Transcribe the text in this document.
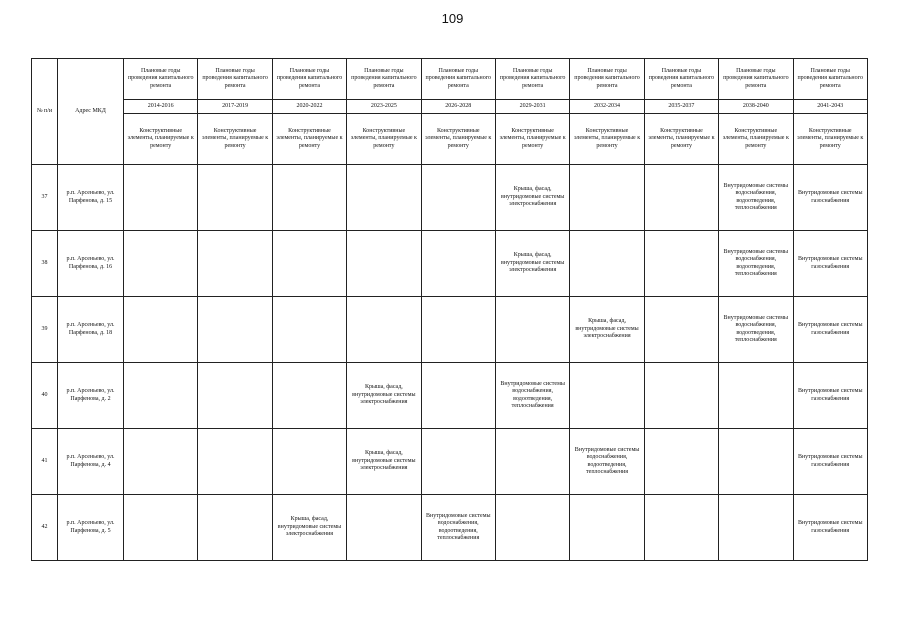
109
№ п/и	Адрес МКД	Плановые годы проведения капитального ремонта	Плановые годы проведения капитального ремонта	Плановые годы проведения капитального ремонта	Плановые годы проведения капитального ремонта	Плановые годы проведения капитального ремонта	Плановые годы проведения капитального ремонта	Плановые годы проведения капитального ремонта	Плановые годы проведения капитального ремонта	Плановые годы проведения капитального ремонта	Плановые годы проведения капитального ремонта
		2014-2016	2017-2019	2020-2022	2023-2025	2026-2028	2029-2031	2032-2034	2035-2037	2038-2040	2041-2043
		Конструктивные элементы, планируемые к ремонту	Конструктивные элементы, планируемые к ремонту	Конструктивные элементы, планируемые к ремонту	Конструктивные элементы, планируемые к ремонту	Конструктивные элементы, планируемые к ремонту	Конструктивные элементы, планируемые к ремонту	Конструктивные элементы, планируемые к ремонту	Конструктивные элементы, планируемые к ремонту	Конструктивные элементы, планируемые к ремонту	Конструктивные элементы, планируемые к ремонту
37	р.п. Арсеньево, ул. Парфенова, д. 15						Крыша, фасад, внутридомовые системы электроснабжения			Внутридомовые системы водоснабжения, водоотведения, теплоснабжения	Внутридомовые системы газоснабжения
38	р.п. Арсеньево, ул. Парфенова, д. 16						Крыша, фасад, внутридомовые системы электроснабжения			Внутридомовые системы водоснабжения, водоотведения, теплоснабжения	Внутридомовые системы газоснабжения
39	р.п. Арсеньево, ул. Парфенова, д. 18							Крыша, фасад, внутридомовые системы электроснабжения		Внутридомовые системы водоснабжения, водоотведения, теплоснабжения	Внутридомовые системы газоснабжения
40	р.п. Арсеньево, ул. Парфенова, д. 2				Крыша, фасад, внутридомовые системы электроснабжения		Внутридомовые системы водоснабжения, водоотведения, теплоснабжения				Внутридомовые системы газоснабжения
41	р.п. Арсеньево, ул. Парфенова, д. 4				Крыша, фасад, внутридомовые системы электроснабжения			Внутридомовые системы водоснабжения, водоотведения, теплоснабжения			Внутридомовые системы газоснабжения
42	р.п. Арсеньево, ул. Парфенова, д. 5			Крыша, фасад, внутридомовые системы электроснабжения		Внутридомовые системы водоснабжения, водоотведения, теплоснабжения					Внутридомовые системы газоснабжения
